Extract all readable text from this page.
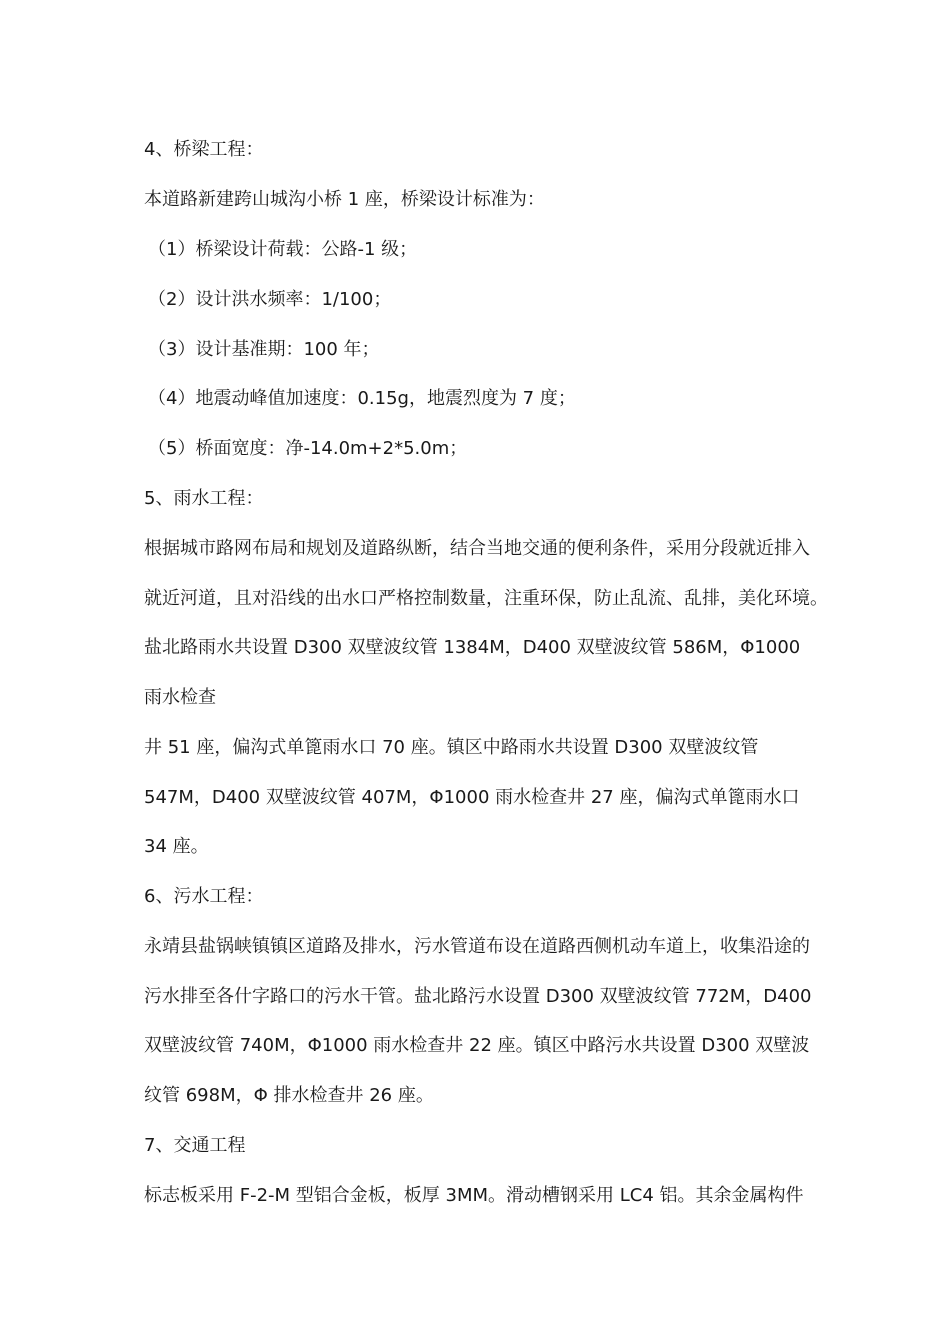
4、桥梁工程：
本道路新建跨山城沟小桥 1 座，桥梁设计标准为：
（1）桥梁设计荷载：公路-1 级；
（2）设计洪水频率：1/100；
（3）设计基准期：100 年；
（4）地震动峰值加速度：0.15g，地震烈度为 7 度；
（5）桥面宽度：净-14.0m+2*5.0m；
5、雨水工程：
根据城市路网布局和规划及道路纵断，结合当地交通的便利条件，采用分段就近排入
就近河道，且对沿线的出水口严格控制数量，注重环保，防止乱流、乱排，美化环境。
盐北路雨水共设置 D300 双壁波纹管 1384M，D400 双壁波纹管 586M，Φ1000
雨水检查
井 51 座，偏沟式单篦雨水口 70 座。镇区中路雨水共设置 D300 双壁波纹管
547M，D400 双壁波纹管 407M，Φ1000 雨水检查井 27 座，偏沟式单篦雨水口
34 座。
6、污水工程：
永靖县盐锅峡镇镇区道路及排水，污水管道布设在道路西侧机动车道上，收集沿途的
污水排至各什字路口的污水干管。盐北路污水设置 D300 双壁波纹管 772M，D400
双壁波纹管 740M，Φ1000 雨水检查井 22 座。镇区中路污水共设置 D300 双壁波
纹管 698M，Φ 排水检查井 26 座。
7、交通工程
标志板采用 F-2-M 型铝合金板，板厚 3MM。滑动槽钢采用 LC4 铝。其余金属构件
